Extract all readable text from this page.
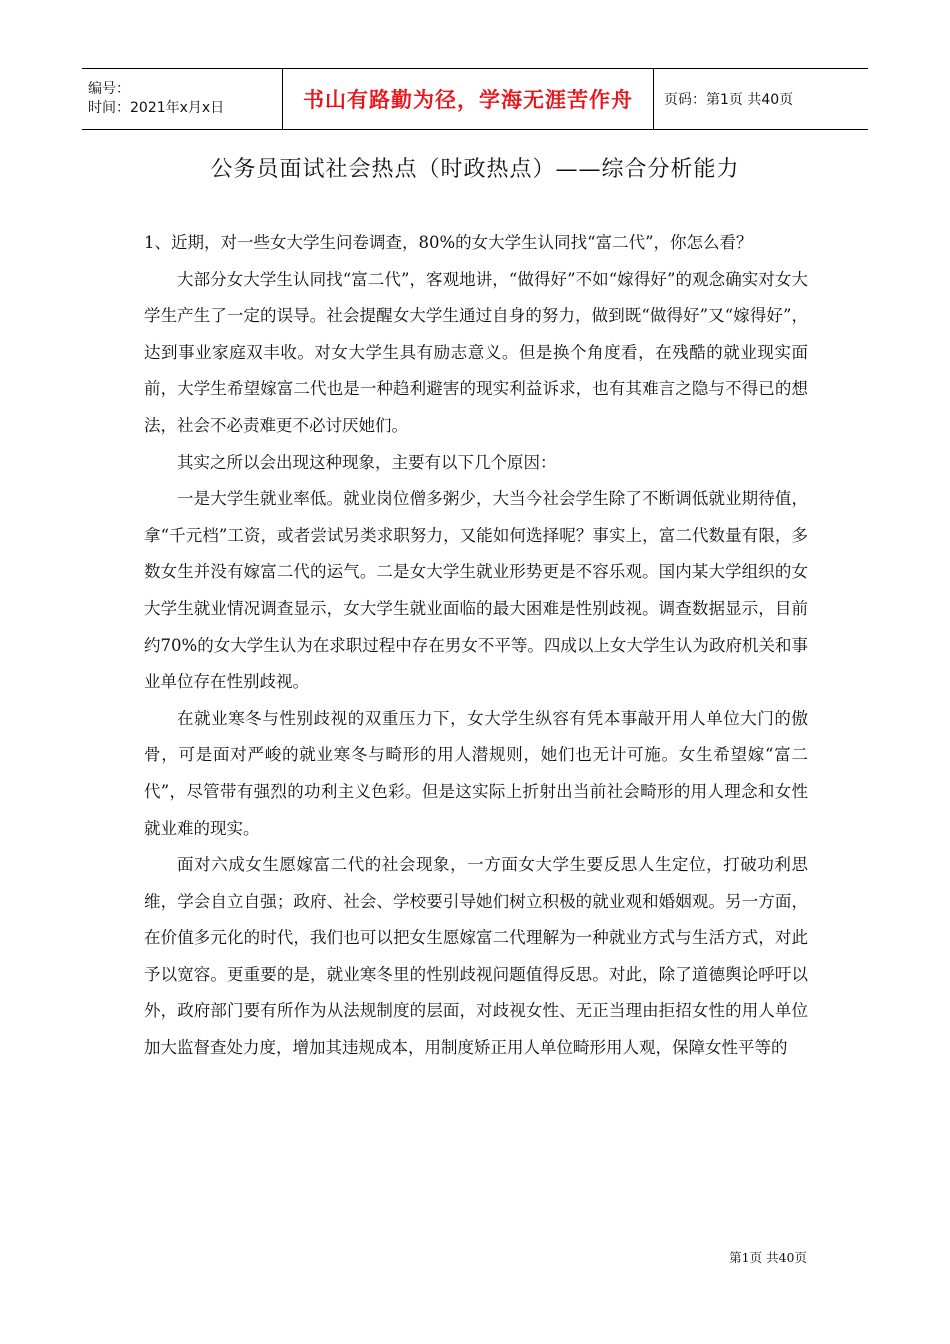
编号：
时间：2021年x月x日	书山有路勤为径，学海无涯苦作舟	页码：第1页 共40页
公务员面试社会热点（时政热点）——综合分析能力

1、近期，对一些女大学生问卷调查，80%的女大学生认同找“富二代”，你怎么看？

大部分女大学生认同找“富二代”，客观地讲，“做得好”不如“嫁得好”的观念确实对女大学生产生了一定的误导。社会提醒女大学生通过自身的努力，做到既“做得好”又“嫁得好”，达到事业家庭双丰收。对女大学生具有励志意义。但是换个角度看，在残酷的就业现实面前，大学生希望嫁富二代也是一种趋利避害的现实利益诉求，也有其难言之隐与不得已的想法，社会不必责难更不必讨厌她们。

其实之所以会出现这种现象，主要有以下几个原因：

一是大学生就业率低。就业岗位僧多粥少，大当今社会学生除了不断调低就业期待值，拿“千元档”工资，或者尝试另类求职努力，又能如何选择呢？事实上，富二代数量有限，多数女生并没有嫁富二代的运气。二是女大学生就业形势更是不容乐观。国内某大学组织的女大学生就业情况调查显示，女大学生就业面临的最大困难是性别歧视。调查数据显示，目前约70%的女大学生认为在求职过程中存在男女不平等。四成以上女大学生认为政府机关和事业单位存在性别歧视。

在就业寒冬与性别歧视的双重压力下，女大学生纵容有凭本事敲开用人单位大门的傲骨，可是面对严峻的就业寒冬与畸形的用人潜规则，她们也无计可施。女生希望嫁“富二代”，尽管带有强烈的功利主义色彩。但是这实际上折射出当前社会畸形的用人理念和女性就业难的现实。

面对六成女生愿嫁富二代的社会现象，一方面女大学生要反思人生定位，打破功利思维，学会自立自强；政府、社会、学校要引导她们树立积极的就业观和婚姻观。另一方面，在价值多元化的时代，我们也可以把女生愿嫁富二代理解为一种就业方式与生活方式，对此予以宽容。更重要的是，就业寒冬里的性别歧视问题值得反思。对此，除了道德舆论呼吁以外，政府部门要有所作为从法规制度的层面，对歧视女性、无正当理由拒招女性的用人单位加大监督查处力度，增加其违规成本，用制度矫正用人单位畸形用人观，保障女性平等的

第1页 共40页
